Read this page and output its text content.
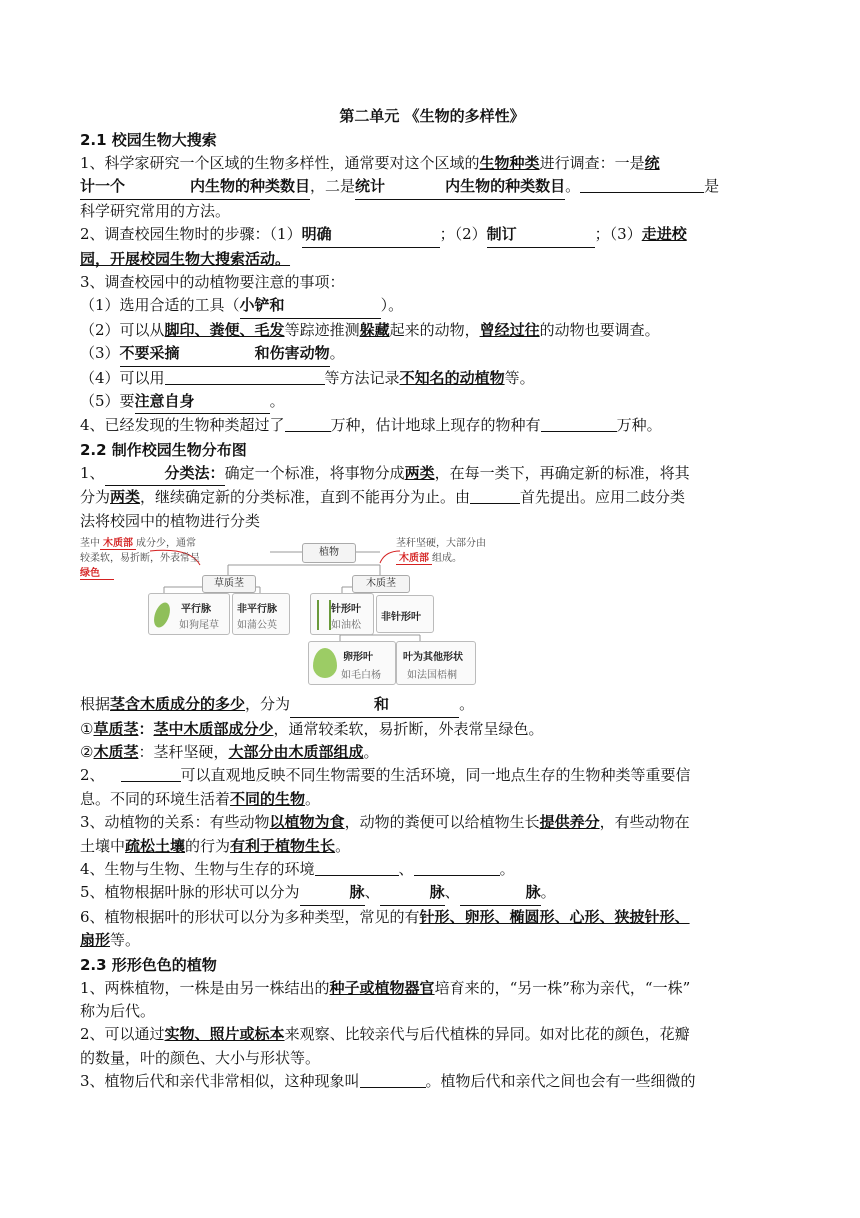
第二单元 《生物的多样性》

2.1 校园生物大搜索

1、科学家研究一个区域的生物多样性，通常要对这个区域的生物种类进行调查：一是统

计一个	内生物的种类数目，二是统计	内生物的种类数目。	是

科学研究常用的方法。

2、调查校园生物时的步骤：（1）明确	；（2）制订	；（3）走进校

园，开展校园生物大搜索活动。

3、调查校园中的动植物要注意的事项：

（1）选用合适的工具（小铲和	）。

（2）可以从脚印、粪便、毛发等踪迹推测躲藏起来的动物，曾经过往的动物也要调查。

（3）不要采摘	和伤害动物。

（4）可以用	等方法记录不知名的动植物等。

（5）要注意自身	。

4、已经发现的生物种类超过了	万种，估计地球上现存的物种有	万种。

2.2 制作校园生物分布图

1、	分类法：确定一个标准，将事物分成两类，在每一类下，再确定新的标准，将其

分为两类，继续确定新的分类标准，直到不能再分为止。由	首先提出。应用二歧分类

法将校园中的植物进行分类

茎中 木质部 成分少，通常
较柔软，易折断，外表常呈
绿色
茎秆坚硬，大部分由
木质部 组成。
植物
草质茎	木质茎
平行脉
如狗尾草
非平行脉
如蒲公英
针形叶
如油松
非针形叶
卵形叶
如毛白杨
叶为其他形状
如法国梧桐

根据茎含木质成分的多少，分为	和	。

①草质茎：茎中木质部成分少，通常较柔软，易折断，外表常呈绿色。

②木质茎：茎秆坚硬，大部分由木质部组成。

2、	可以直观地反映不同生物需要的生活环境，同一地点生存的生物种类等重要信

息。不同的环境生活着不同的生物。

3、动植物的关系：有些动物以植物为食，动物的粪便可以给植物生长提供养分，有些动物在

土壤中疏松土壤的行为有利于植物生长。

4、生物与生物、生物与生存的环境	、	。

5、植物根据叶脉的形状可以分为	脉、	脉、	脉。

6、植物根据叶的形状可以分为多种类型，常见的有针形、卵形、椭圆形、心形、狭披针形、

扇形等。

2.3 形形色色的植物

1、两株植物，一株是由另一株结出的种子或植物器官培育来的，“另一株”称为亲代，“一株”

称为后代。

2、可以通过实物、照片或标本来观察、比较亲代与后代植株的异同。如对比花的颜色，花瓣

的数量，叶的颜色、大小与形状等。

3、植物后代和亲代非常相似，这种现象叫	。植物后代和亲代之间也会有一些细微的
